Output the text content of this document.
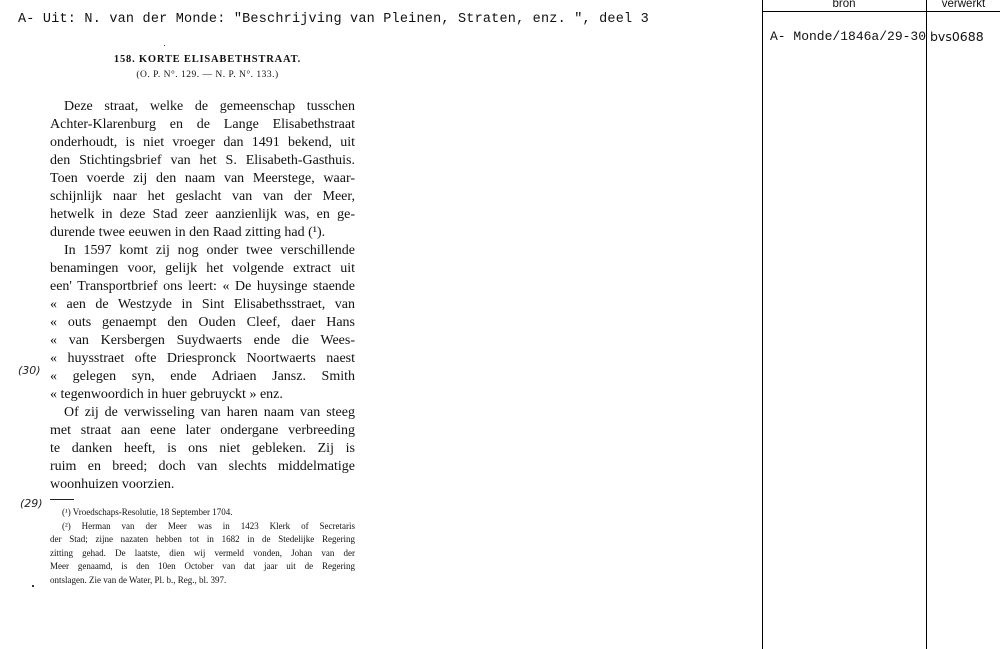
A- Uit: N. van der Monde: "Beschrijving van Pleinen, Straten, enz. ", deel 3
158. KORTE ELISABETHSTRAAT.
(O. P. N°. 129. — N. P. N°. 133.)
Deze straat, welke de gemeenschap tusschen
Achter-Klarenburg en de Lange Elisabethstraat
onderhoudt, is niet vroeger dan 1491 bekend, uit
den Stichtingsbrief van het S. Elisabeth-Gasthuis.
Toen voerde zij den naam van Meerstege, waar-
schijnlijk naar het geslacht van van der Meer,
hetwelk in deze Stad zeer aanzienlijk was, en ge-
durende twee eeuwen in den Raad zitting had (¹).
In 1597 komt zij nog onder twee verschillende
benamingen voor, gelijk het volgende extract uit
een' Transportbrief ons leert: « De huysinge staende
« aen de Westzyde in Sint Elisabethsstraet, van
« outs genaempt den Ouden Cleef, daer Hans
« van Kersbergen Suydwaerts ende die Wees-
« huysstraet ofte Driespronck Noortwaerts naest
« gelegen syn, ende Adriaen Jansz. Smith
« tegenwoordich in huer gebruyckt » enz.
Of zij de verwisseling van haren naam van steeg
met straat aan eene later ondergane verbreeding
te danken heeft, is ons niet gebleken. Zij is
ruim en breed; doch van slechts middelmatige
woonhuizen voorzien.
(30)
(29)
(¹) Vroedschaps-Resolutie, 18 September 1704.
(²) Herman van der Meer was in 1423 Klerk of Secretaris
der Stad; zijne nazaten hebben tot in 1682 in de Stedelijke Regering
zitting gehad. De laatste, dien wij vermeld vonden, Johan van der
Meer genaamd, is den 10en October van dat jaar uit de Regering
ontslagen. Zie van de Water, Pl. b., Reg., bl. 397.
bron	verwerkt
A- Monde/1846a/29-30 bvs0688
